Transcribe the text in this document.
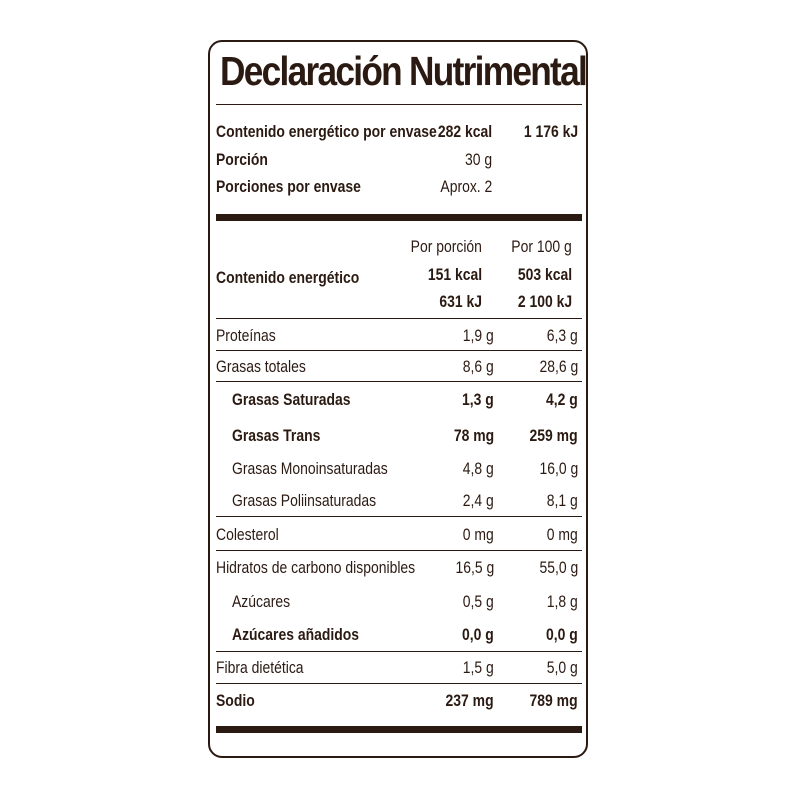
Declaración Nutrimental
Contenido energético por envase 282 kcal 1 176 kJ
Porción	30 g
Porciones por envase	Aprox. 2
Por porción Por 100 g
Contenido energético	151 kcal 503 kcal
631 kJ 2 100 kJ
Proteínas	1,9 g	6,3 g
Grasas totales	8,6 g	28,6 g
Grasas Saturadas	1,3 g	4,2 g
Grasas Trans	78 mg 259 mg
Grasas Monoinsaturadas	4,8 g	16,0 g
Grasas Poliinsaturadas	2,4 g	8,1 g
Colesterol	0 mg	0 mg
Hidratos de carbono disponibles 16,5 g	55,0 g
Azúcares	0,5 g	1,8 g
Azúcares añadidos	0,0 g	0,0 g
Fibra dietética	1,5 g	5,0 g
Sodio	237 mg 789 mg
